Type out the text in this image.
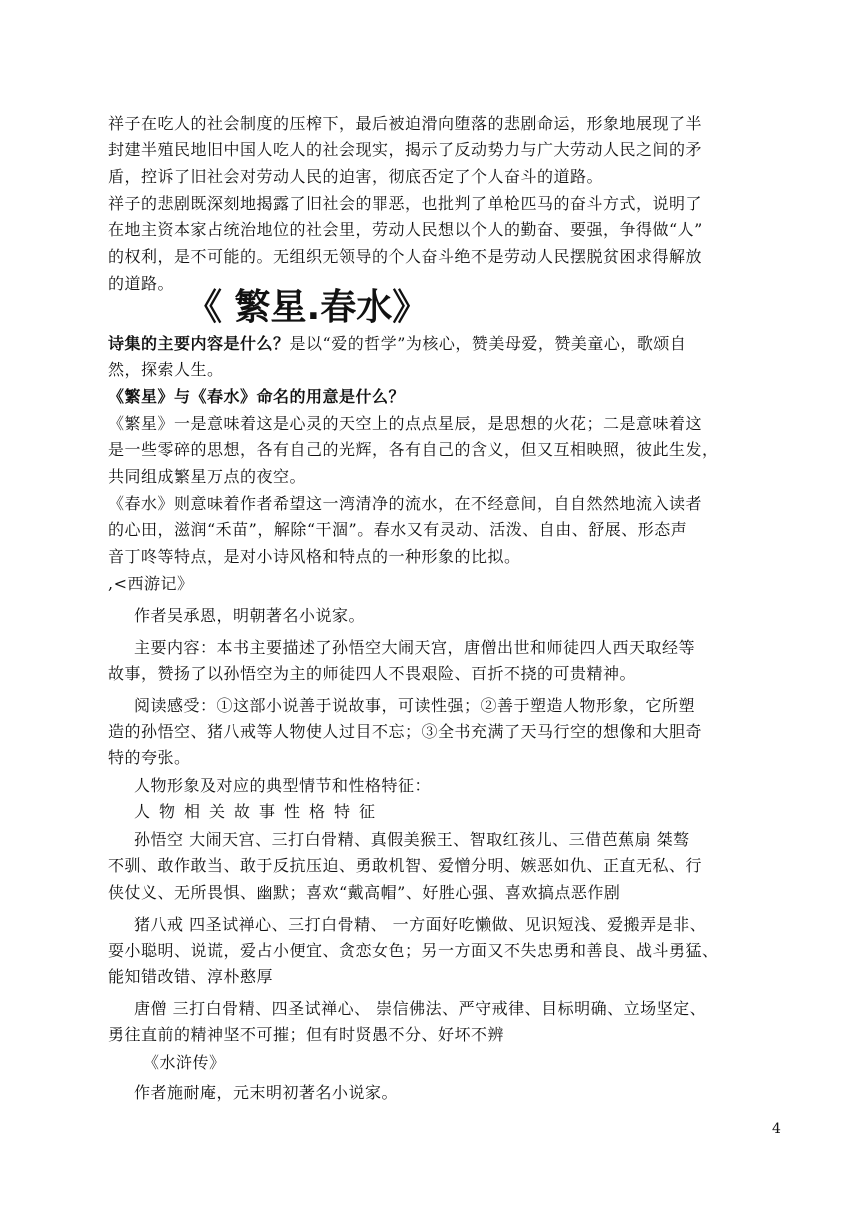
祥子在吃人的社会制度的压榨下，最后被迫滑向堕落的悲剧命运，形象地展现了半
封建半殖民地旧中国人吃人的社会现实，揭示了反动势力与广大劳动人民之间的矛
盾，控诉了旧社会对劳动人民的迫害，彻底否定了个人奋斗的道路。
祥子的悲剧既深刻地揭露了旧社会的罪恶，也批判了单枪匹马的奋斗方式，说明了
在地主资本家占统治地位的社会里，劳动人民想以个人的勤奋、要强，争得做“人”
的权利，是不可能的。无组织无领导的个人奋斗绝不是劳动人民摆脱贫困求得解放
的道路。
《 繁星.春水》
诗集的主要内容是什么？是以“爱的哲学”为核心，赞美母爱，赞美童心，歌颂自
然，探索人生。
《繁星》与《春水》命名的用意是什么？
《繁星》一是意味着这是心灵的天空上的点点星辰，是思想的火花；二是意味着这
是一些零碎的思想，各有自己的光辉，各有自己的含义，但又互相映照，彼此生发，
共同组成繁星万点的夜空。
《春水》则意味着作者希望这一湾清净的流水，在不经意间，自自然然地流入读者
的心田，滋润“禾苗”，解除“干涸”。春水又有灵动、活泼、自由、舒展、形态声
音丁咚等特点，是对小诗风格和特点的一种形象的比拟。
,<西游记》
作者吴承恩，明朝著名小说家。
主要内容：本书主要描述了孙悟空大闹天宫，唐僧出世和师徒四人西天取经等
故事，赞扬了以孙悟空为主的师徒四人不畏艰险、百折不挠的可贵精神。
阅读感受：①这部小说善于说故事，可读性强；②善于塑造人物形象，它所塑
造的孙悟空、猪八戒等人物使人过目不忘；③全书充满了天马行空的想像和大胆奇
特的夸张。
人物形象及对应的典型情节和性格特征：
人物相关故事性格特征
孙悟空 大闹天宫、三打白骨精、真假美猴王、智取红孩儿、三借芭蕉扇 桀骜
不驯、敢作敢当、敢于反抗压迫、勇敢机智、爱憎分明、嫉恶如仇、正直无私、行
侠仗义、无所畏惧、幽默；喜欢“戴高帽”、好胜心强、喜欢搞点恶作剧
猪八戒 四圣试禅心、三打白骨精、 一方面好吃懒做、见识短浅、爱搬弄是非、
耍小聪明、说谎，爱占小便宜、贪恋女色；另一方面又不失忠勇和善良、战斗勇猛、
能知错改错、淳朴憨厚
唐僧 三打白骨精、四圣试禅心、 崇信佛法、严守戒律、目标明确、立场坚定、
勇往直前的精神坚不可摧；但有时贤愚不分、好坏不辨
《水浒传》
作者施耐庵，元末明初著名小说家。
4
